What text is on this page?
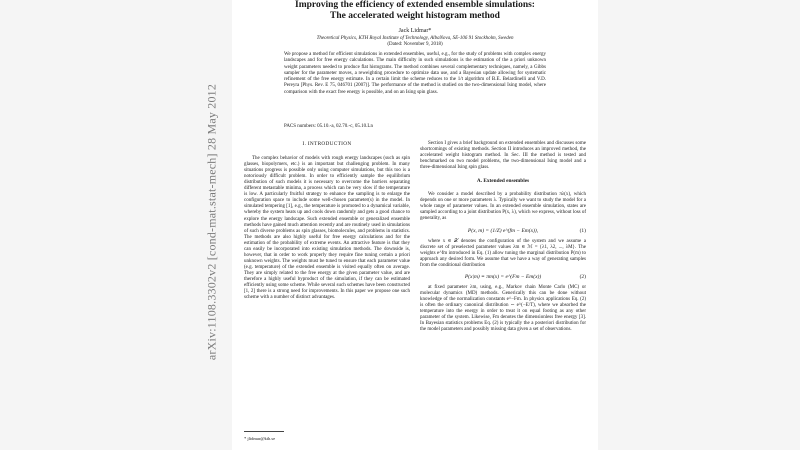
arXiv:1108.3302v2 [cond-mat.stat-mech] 28 May 2012
Improving the efficiency of extended ensemble simulations:
The accelerated weight histogram method
Jack Lidmar*
Theoretical Physics, KTH Royal Institute of Technology, AlbaNova, SE-106 91 Stockholm, Sweden
(Dated: November 9, 2018)
We propose a method for efficient simulations in extended ensembles, useful, e.g., for the study of problems with complex energy landscapes and for free energy calculations. The main difficulty in such simulations is the estimation of the a priori unknown weight parameters needed to produce flat histograms. The method combines several complementary techniques, namely, a Gibbs sampler for the parameter moves, a reweighting procedure to optimize data use, and a Bayesian update allowing for systematic refinement of the free energy estimate. In a certain limit the scheme reduces to the 1/t algorithm of B.E. Belardinelli and V.D. Pereyra [Phys. Rev. E 75, 046701 (2007)]. The performance of the method is studied on the two-dimensional Ising model, where comparison with the exact free energy is possible, and on an Ising spin glass.
PACS numbers: 05.10.-a, 02.70.-c, 05.10.Ln
I. INTRODUCTION

The complex behavior of models with rough energy landscapes (such as spin glasses, biopolymers, etc.) is an important but challenging problem. In many situations progress is possible only using computer simulations, but this too is a notoriously difficult problem. In order to efficiently sample the equilibrium distribution of such models it is necessary to overcome the barriers separating different metastable minima, a process which can be very slow if the temperature is low. A particularly fruitful strategy to enhance the sampling is to enlarge the configuration space to include some well-chosen parameter(s) in the model. In simulated tempering [1], e.g., the temperature is promoted to a dynamical variable, whereby the system heats up and cools down randomly and gets a good chance to explore the energy landscape. Such extended ensemble or generalized ensemble methods have gained much attention recently and are routinely used in simulations of such diverse problems as spin glasses, biomolecules, and problems in statistics. The methods are also highly useful for free energy calculations and for the estimation of the probability of extreme events. An attractive feature is that they can easily be incorporated into existing simulation methods. The downside is, however, that in order to work properly they require fine tuning certain a priori unknown weights. The weights must be tuned to ensure that each parameter value (e.g. temperature) of the extended ensemble is visited equally often on average. They are simply related to the free energy at the given parameter value, and are therefore a highly useful byproduct of the simulation, if they can be estimated efficiently using some scheme. While several such schemes have been constructed [1, 2] there is a strong need for improvements. In this paper we propose one such scheme with a number of distinct advantages.

Section I gives a brief background on extended ensembles and discusses some shortcomings of existing methods. Section II introduces an improved method, the accelerated weight histogram method. In Sec. III the method is tested and benchmarked on two model problems, the two-dimensional Ising model and a three-dimensional Ising spin glass.

A. Extended ensembles

We consider a model described by a probability distribution πλ(x), which depends on one or more parameters λ. Typically we want to study the model for a whole range of parameter values. In an extended ensemble simulation, states are sampled according to a joint distribution P(x, λ), which we express, without loss of generality, as

P(x, m) = (1/Z) e^(fm − Em(x)),	(1)

where x ∈ 𝒳 denotes the configuration of the system and we assume a discrete set of preselected parameter values λm ∈ ℳ = {λ1, λ2, ..., λM}. The weights e^fm introduced in Eq. (1) allow tuning the marginal distribution P(m) to approach any desired form. We assume that we have a way of generating samples from the conditional distribution

P(x|m) ≡ πm(x) = e^(Fm − Em(x))	(2)

at fixed parameter λm, using, e.g., Markov chain Monte Carlo (MC) or molecular dynamics (MD) methods. Generically this can be done without knowledge of the normalization constants e^−Fm. In physics applications Eq. (2) is often the ordinary canonical distribution ∼ e^(−E/T), where we absorbed the temperature into the energy in order to treat it on equal footing as any other parameter of the system. Likewise, Fm denotes the dimensionless free energy [3]. In Bayesian statistics problems Eq. (2) is typically the a posteriori distribution for the model parameters and possibly missing data given a set of observations.

* jlidmar@kth.se
